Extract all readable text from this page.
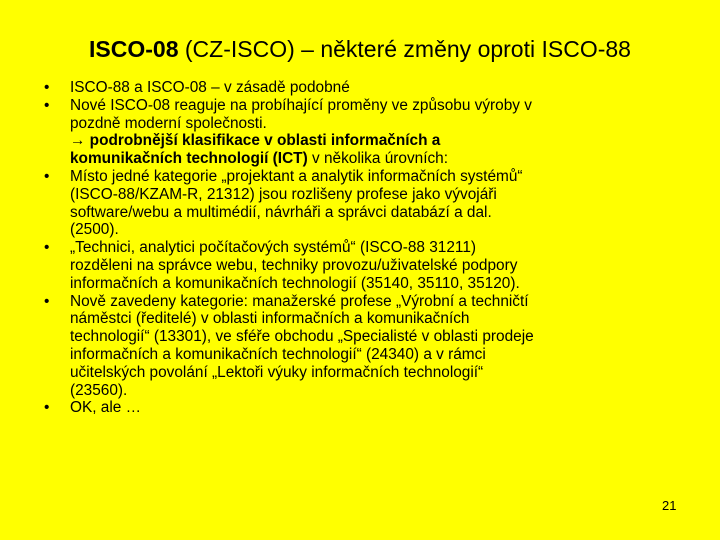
ISCO-08 (CZ-ISCO) – některé změny oproti ISCO-88
• ISCO-88 a ISCO-08 – v zásadě podobné
• Nové ISCO-08 reaguje na probíhající proměny ve způsobu výroby v
pozdně moderní společnosti.
→ podrobnější klasifikace v oblasti informačních a
komunikačních technologií (ICT) v několika úrovních:
• Místo jedné kategorie „projektant a analytik informačních systémů“
(ISCO-88/KZAM-R, 21312) jsou rozlišeny profese jako vývojáři
software/webu a multimédií, návrháři a správci databází a dal.
(2500).
• „Technici, analytici počítačových systémů“ (ISCO-88 31211)
rozděleni na správce webu, techniky provozu/uživatelské podpory
informačních a komunikačních technologií (35140, 35110, 35120).
• Nově zavedeny kategorie: manažerské profese „Výrobní a techničtí
náměstci (ředitelé) v oblasti informačních a komunikačních
technologií“ (13301), ve sféře obchodu „Specialisté v oblasti prodeje
informačních a komunikačních technologií“ (24340) a v rámci
učitelských povolání „Lektoři výuky informačních technologií“
(23560).
• OK, ale …
21
